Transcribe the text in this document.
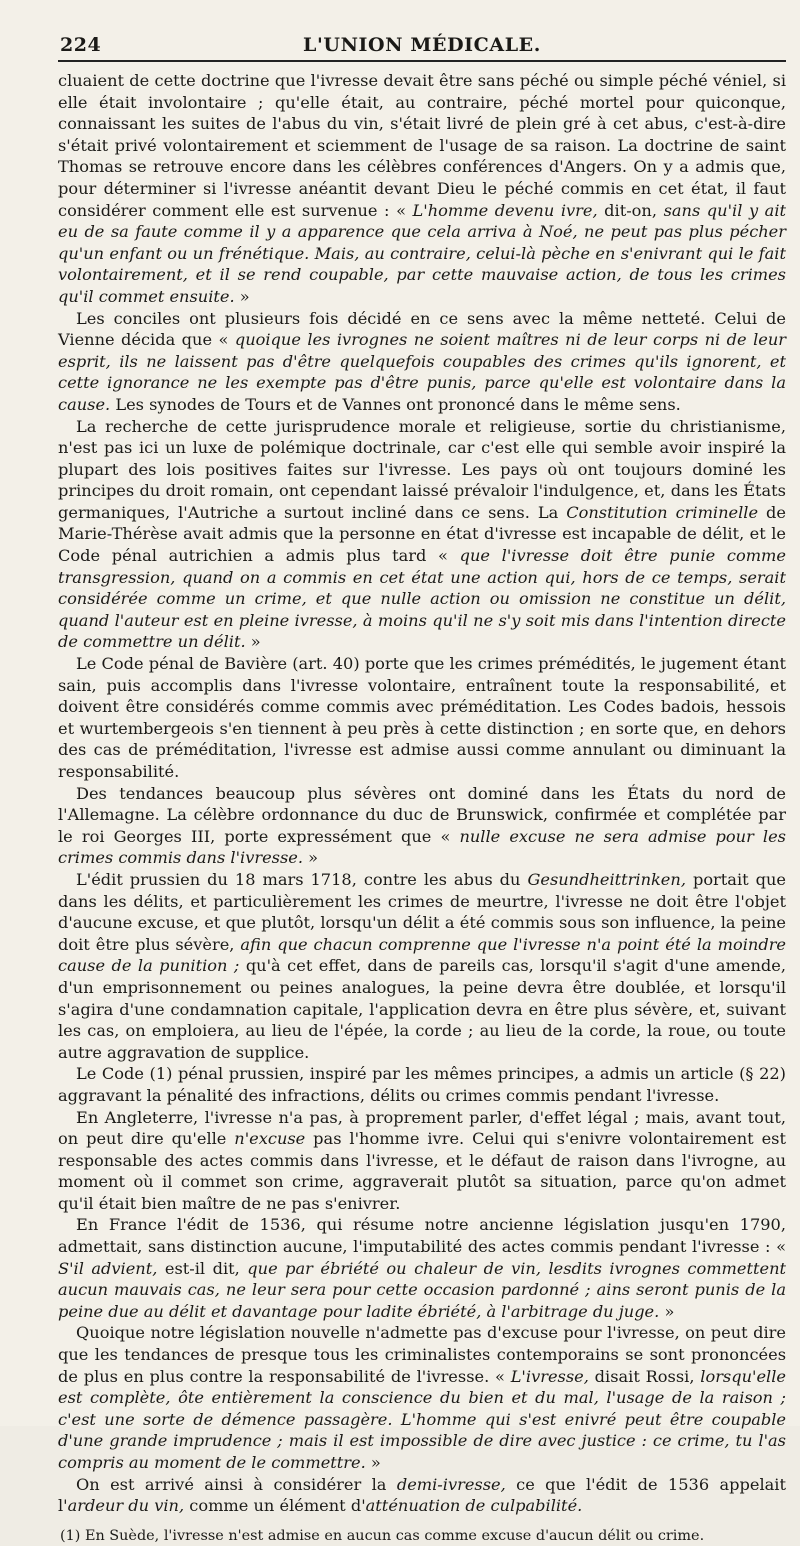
224	L'UNION MÉDICALE.

cluaient de cette doctrine que l'ivresse devait être sans péché ou simple péché véniel, si elle était involontaire ; qu'elle était, au contraire, péché mortel pour quiconque, connaissant les suites de l'abus du vin, s'était livré de plein gré à cet abus, c'est-à-dire s'était privé volontairement et sciemment de l'usage de sa raison. La doctrine de saint Thomas se retrouve encore dans les célèbres conférences d'Angers. On y a admis que, pour déterminer si l'ivresse anéantit devant Dieu le péché commis en cet état, il faut considérer comment elle est survenue : « L'homme devenu ivre, dit-on, sans qu'il y ait eu de sa faute comme il y a apparence que cela arriva à Noé, ne peut pas plus pécher qu'un enfant ou un frénétique. Mais, au contraire, celui-là pèche en s'enivrant qui le fait volontairement, et il se rend coupable, par cette mauvaise action, de tous les crimes qu'il commet ensuite. »

Les conciles ont plusieurs fois décidé en ce sens avec la même netteté. Celui de Vienne décida que « quoique les ivrognes ne soient maîtres ni de leur corps ni de leur esprit, ils ne laissent pas d'être quelquefois coupables des crimes qu'ils ignorent, et cette ignorance ne les exempte pas d'être punis, parce qu'elle est volontaire dans la cause. Les synodes de Tours et de Vannes ont prononcé dans le même sens.

La recherche de cette jurisprudence morale et religieuse, sortie du christianisme, n'est pas ici un luxe de polémique doctrinale, car c'est elle qui semble avoir inspiré la plupart des lois positives faites sur l'ivresse. Les pays où ont toujours dominé les principes du droit romain, ont cependant laissé prévaloir l'indulgence, et, dans les États germaniques, l'Autriche a surtout incliné dans ce sens. La Constitution criminelle de Marie-Thérèse avait admis que la personne en état d'ivresse est incapable de délit, et le Code pénal autrichien a admis plus tard « que l'ivresse doit être punie comme transgression, quand on a commis en cet état une action qui, hors de ce temps, serait considérée comme un crime, et que nulle action ou omission ne constitue un délit, quand l'auteur est en pleine ivresse, à moins qu'il ne s'y soit mis dans l'intention directe de commettre un délit. »

Le Code pénal de Bavière (art. 40) porte que les crimes prémédités, le jugement étant sain, puis accomplis dans l'ivresse volontaire, entraînent toute la responsabilité, et doivent être considérés comme commis avec préméditation. Les Codes badois, hessois et wurtembergeois s'en tiennent à peu près à cette distinction ; en sorte que, en dehors des cas de préméditation, l'ivresse est admise aussi comme annulant ou diminuant la responsabilité.

Des tendances beaucoup plus sévères ont dominé dans les États du nord de l'Allemagne. La célèbre ordonnance du duc de Brunswick, confirmée et complétée par le roi Georges III, porte expressément que « nulle excuse ne sera admise pour les crimes commis dans l'ivresse. »

L'édit prussien du 18 mars 1718, contre les abus du Gesundheittrinken, portait que dans les délits, et particulièrement les crimes de meurtre, l'ivresse ne doit être l'objet d'aucune excuse, et que plutôt, lorsqu'un délit a été commis sous son influence, la peine doit être plus sévère, afin que chacun comprenne que l'ivresse n'a point été la moindre cause de la punition ; qu'à cet effet, dans de pareils cas, lorsqu'il s'agit d'une amende, d'un emprisonnement ou peines analogues, la peine devra être doublée, et lorsqu'il s'agira d'une condamnation capitale, l'application devra en être plus sévère, et, suivant les cas, on emploiera, au lieu de l'épée, la corde ; au lieu de la corde, la roue, ou toute autre aggravation de supplice.

Le Code (1) pénal prussien, inspiré par les mêmes principes, a admis un article (§ 22) aggravant la pénalité des infractions, délits ou crimes commis pendant l'ivresse.

En Angleterre, l'ivresse n'a pas, à proprement parler, d'effet légal ; mais, avant tout, on peut dire qu'elle n'excuse pas l'homme ivre. Celui qui s'enivre volontairement est responsable des actes commis dans l'ivresse, et le défaut de raison dans l'ivrogne, au moment où il commet son crime, aggraverait plutôt sa situation, parce qu'on admet qu'il était bien maître de ne pas s'enivrer.

En France l'édit de 1536, qui résume notre ancienne législation jusqu'en 1790, admettait, sans distinction aucune, l'imputabilité des actes commis pendant l'ivresse : « S'il advient, est-il dit, que par ébriété ou chaleur de vin, lesdits ivrognes commettent aucun mauvais cas, ne leur sera pour cette occasion pardonné ; ains seront punis de la peine due au délit et davantage pour ladite ébriété, à l'arbitrage du juge. »

Quoique notre législation nouvelle n'admette pas d'excuse pour l'ivresse, on peut dire que les tendances de presque tous les criminalistes contemporains se sont prononcées de plus en plus contre la responsabilité de l'ivresse. « L'ivresse, disait Rossi, lorsqu'elle est complète, ôte entièrement la conscience du bien et du mal, l'usage de la raison ; c'est une sorte de démence passagère. L'homme qui s'est enivré peut être coupable d'une grande imprudence ; mais il est impossible de dire avec justice : ce crime, tu l'as compris au moment de le commettre. »

On est arrivé ainsi à considérer la demi-ivresse, ce que l'édit de 1536 appelait l'ardeur du vin, comme un élément d'atténuation de culpabilité.

(1) En Suède, l'ivresse n'est admise en aucun cas comme excuse d'aucun délit ou crime.
